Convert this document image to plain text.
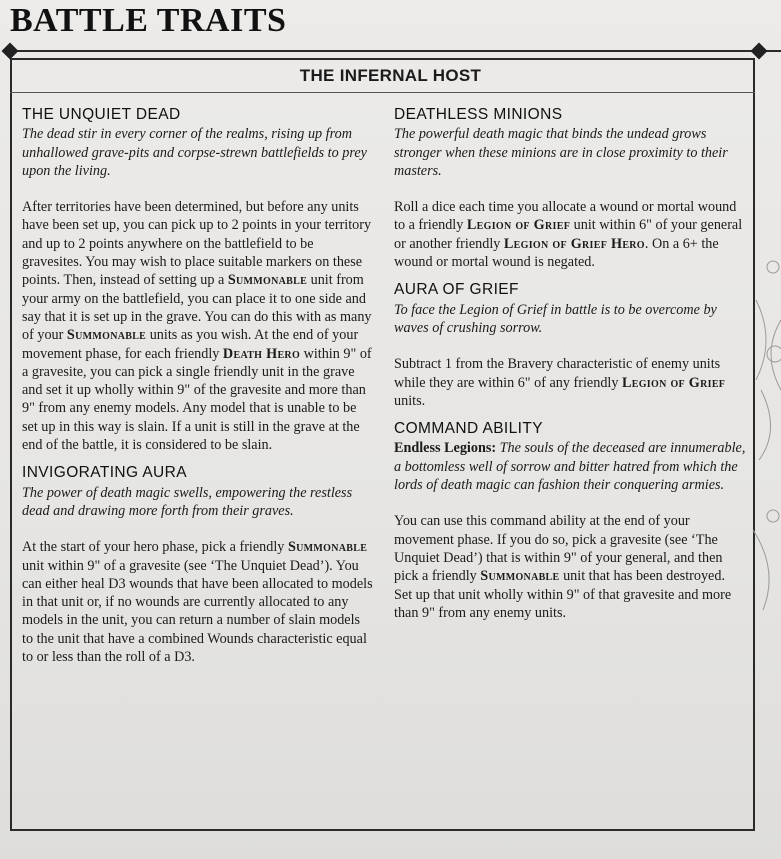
BATTLE TRAITS
THE INFERNAL HOST
THE UNQUIET DEAD
The dead stir in every corner of the realms, rising up from unhallowed grave-pits and corpse-strewn battlefields to prey upon the living.

After territories have been determined, but before any units have been set up, you can pick up to 2 points in your territory and up to 2 points anywhere on the battlefield to be gravesites. You may wish to place suitable markers on these points. Then, instead of setting up a Summonable unit from your army on the battlefield, you can place it to one side and say that it is set up in the grave. You can do this with as many of your Summonable units as you wish. At the end of your movement phase, for each friendly Death Hero within 9" of a gravesite, you can pick a single friendly unit in the grave and set it up wholly within 9" of the gravesite and more than 9" from any enemy models. Any model that is unable to be set up in this way is slain. If a unit is still in the grave at the end of the battle, it is considered to be slain.

INVIGORATING AURA
The power of death magic swells, empowering the restless dead and drawing more forth from their graves.

At the start of your hero phase, pick a friendly Summonable unit within 9" of a gravesite (see ‘The Unquiet Dead’). You can either heal D3 wounds that have been allocated to models in that unit or, if no wounds are currently allocated to any models in the unit, you can return a number of slain models to the unit that have a combined Wounds characteristic equal to or less than the roll of a D3.

DEATHLESS MINIONS
The powerful death magic that binds the undead grows stronger when these minions are in close proximity to their masters.

Roll a dice each time you allocate a wound or mortal wound to a friendly Legion of Grief unit within 6" of your general or another friendly Legion of Grief Hero. On a 6+ the wound or mortal wound is negated.

AURA OF GRIEF
To face the Legion of Grief in battle is to be overcome by waves of crushing sorrow.

Subtract 1 from the Bravery characteristic of enemy units while they are within 6" of any friendly Legion of Grief units.

COMMAND ABILITY
Endless Legions: The souls of the deceased are innumerable, a bottomless well of sorrow and bitter hatred from which the lords of death magic can fashion their conquering armies.

You can use this command ability at the end of your movement phase. If you do so, pick a gravesite (see ‘The Unquiet Dead’) that is within 9" of your general, and then pick a friendly Summonable unit that has been destroyed. Set up that unit wholly within 9" of that gravesite and more than 9" from any enemy units.
